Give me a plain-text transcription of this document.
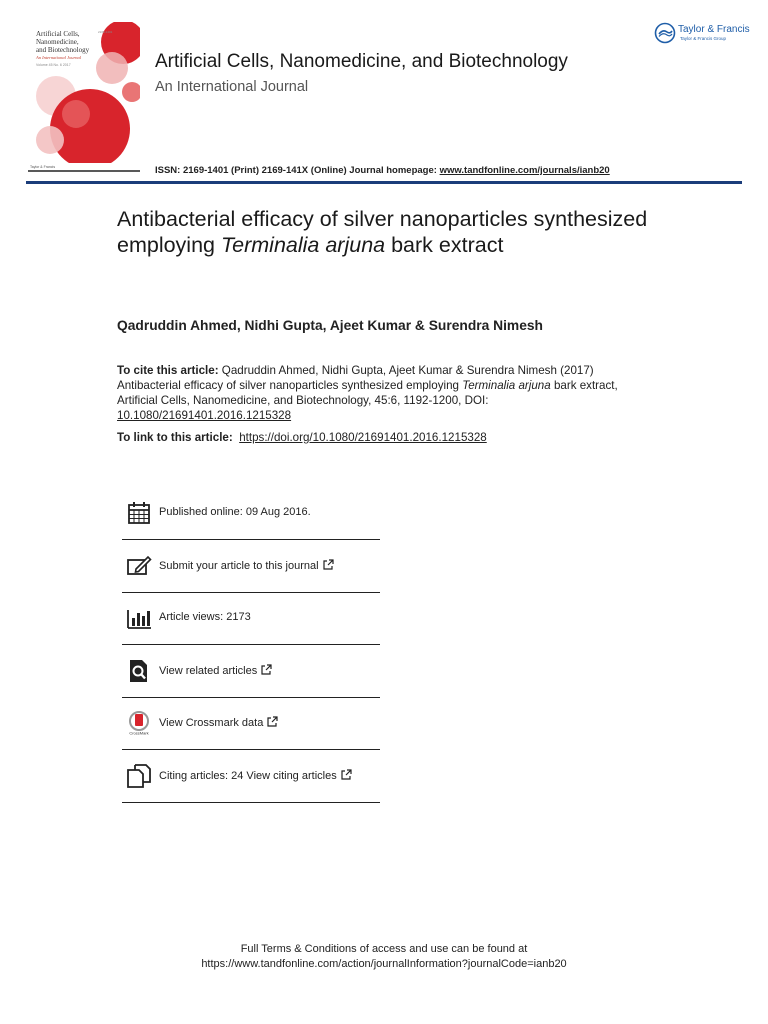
Artificial Cells,
Nanomedicine,
and Biotechnology
An International Journal
Volume 45 No. 6 2017
2169-1401
Taylor & Francis
Artificial Cells, Nanomedicine, and Biotechnology
An International Journal
ISSN: 2169-1401 (Print) 2169-141X (Online) Journal homepage: www.tandfonline.com/journals/ianb20
Taylor & Francis
Taylor & Francis Group
Antibacterial efficacy of silver nanoparticles synthesized employing Terminalia arjuna bark extract
Qadruddin Ahmed, Nidhi Gupta, Ajeet Kumar & Surendra Nimesh
To cite this article: Qadruddin Ahmed, Nidhi Gupta, Ajeet Kumar & Surendra Nimesh (2017) Antibacterial efficacy of silver nanoparticles synthesized employing Terminalia arjuna bark extract, Artificial Cells, Nanomedicine, and Biotechnology, 45:6, 1192-1200, DOI: 10.1080/21691401.2016.1215328
To link to this article: https://doi.org/10.1080/21691401.2016.1215328
Published online: 09 Aug 2016.
Submit your article to this journal
Article views: 2173
View related articles
CrossMark
View Crossmark data
Citing articles: 24 View citing articles
Full Terms & Conditions of access and use can be found at
https://www.tandfonline.com/action/journalInformation?journalCode=ianb20
